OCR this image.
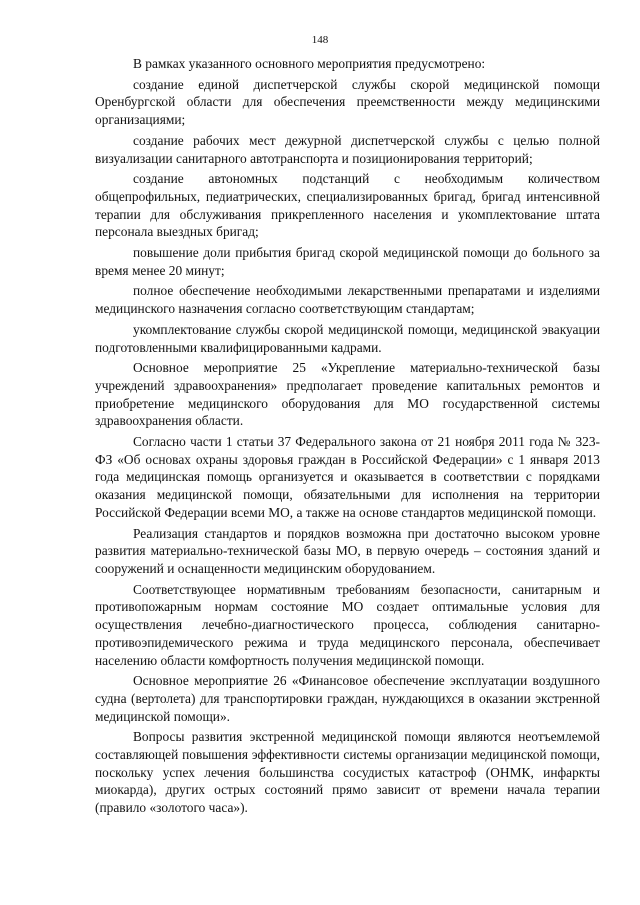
148

В рамках указанного основного мероприятия предусмотрено:

создание единой диспетчерской службы скорой медицинской помощи Оренбургской области для обеспечения преемственности между медицинскими организациями;

создание рабочих мест дежурной диспетчерской службы с целью полной визуализации санитарного автотранспорта и позиционирования территорий;

создание автономных подстанций с необходимым количеством общепрофильных, педиатрических, специализированных бригад, бригад интенсивной терапии для обслуживания прикрепленного населения и укомплектование штата персонала выездных бригад;

повышение доли прибытия бригад скорой медицинской помощи до больного за время менее 20 минут;

полное обеспечение необходимыми лекарственными препаратами и изделиями медицинского назначения согласно соответствующим стандартам;

укомплектование службы скорой медицинской помощи, медицинской эвакуации подготовленными квалифицированными кадрами.

Основное мероприятие 25 «Укрепление материально-технической базы учреждений здравоохранения» предполагает проведение капитальных ремонтов и приобретение медицинского оборудования для МО государственной системы здравоохранения области.

Согласно части 1 статьи 37 Федерального закона от 21 ноября 2011 года № 323-ФЗ «Об основах охраны здоровья граждан в Российской Федерации» с 1 января 2013 года медицинская помощь организуется и оказывается в соответствии с порядками оказания медицинской помощи, обязательными для исполнения на территории Российской Федерации всеми МО, а также на основе стандартов медицинской помощи.

Реализация стандартов и порядков возможна при достаточно высоком уровне развития материально-технической базы МО, в первую очередь – состояния зданий и сооружений и оснащенности медицинским оборудованием.

Соответствующее нормативным требованиям безопасности, санитарным и противопожарным нормам состояние МО создает оптимальные условия для осуществления лечебно-диагностического процесса, соблюдения санитарно-противоэпидемического режима и труда медицинского персонала, обеспечивает населению области комфортность получения медицинской помощи.

Основное мероприятие 26 «Финансовое обеспечение эксплуатации воздушного судна (вертолета) для транспортировки граждан, нуждающихся в оказании экстренной медицинской помощи».

Вопросы развития экстренной медицинской помощи являются неотъемлемой составляющей повышения эффективности системы организации медицинской помощи, поскольку успех лечения большинства сосудистых катастроф (ОНМК, инфаркты миокарда), других острых состояний прямо зависит от времени начала терапии (правило «золотого часа»).
